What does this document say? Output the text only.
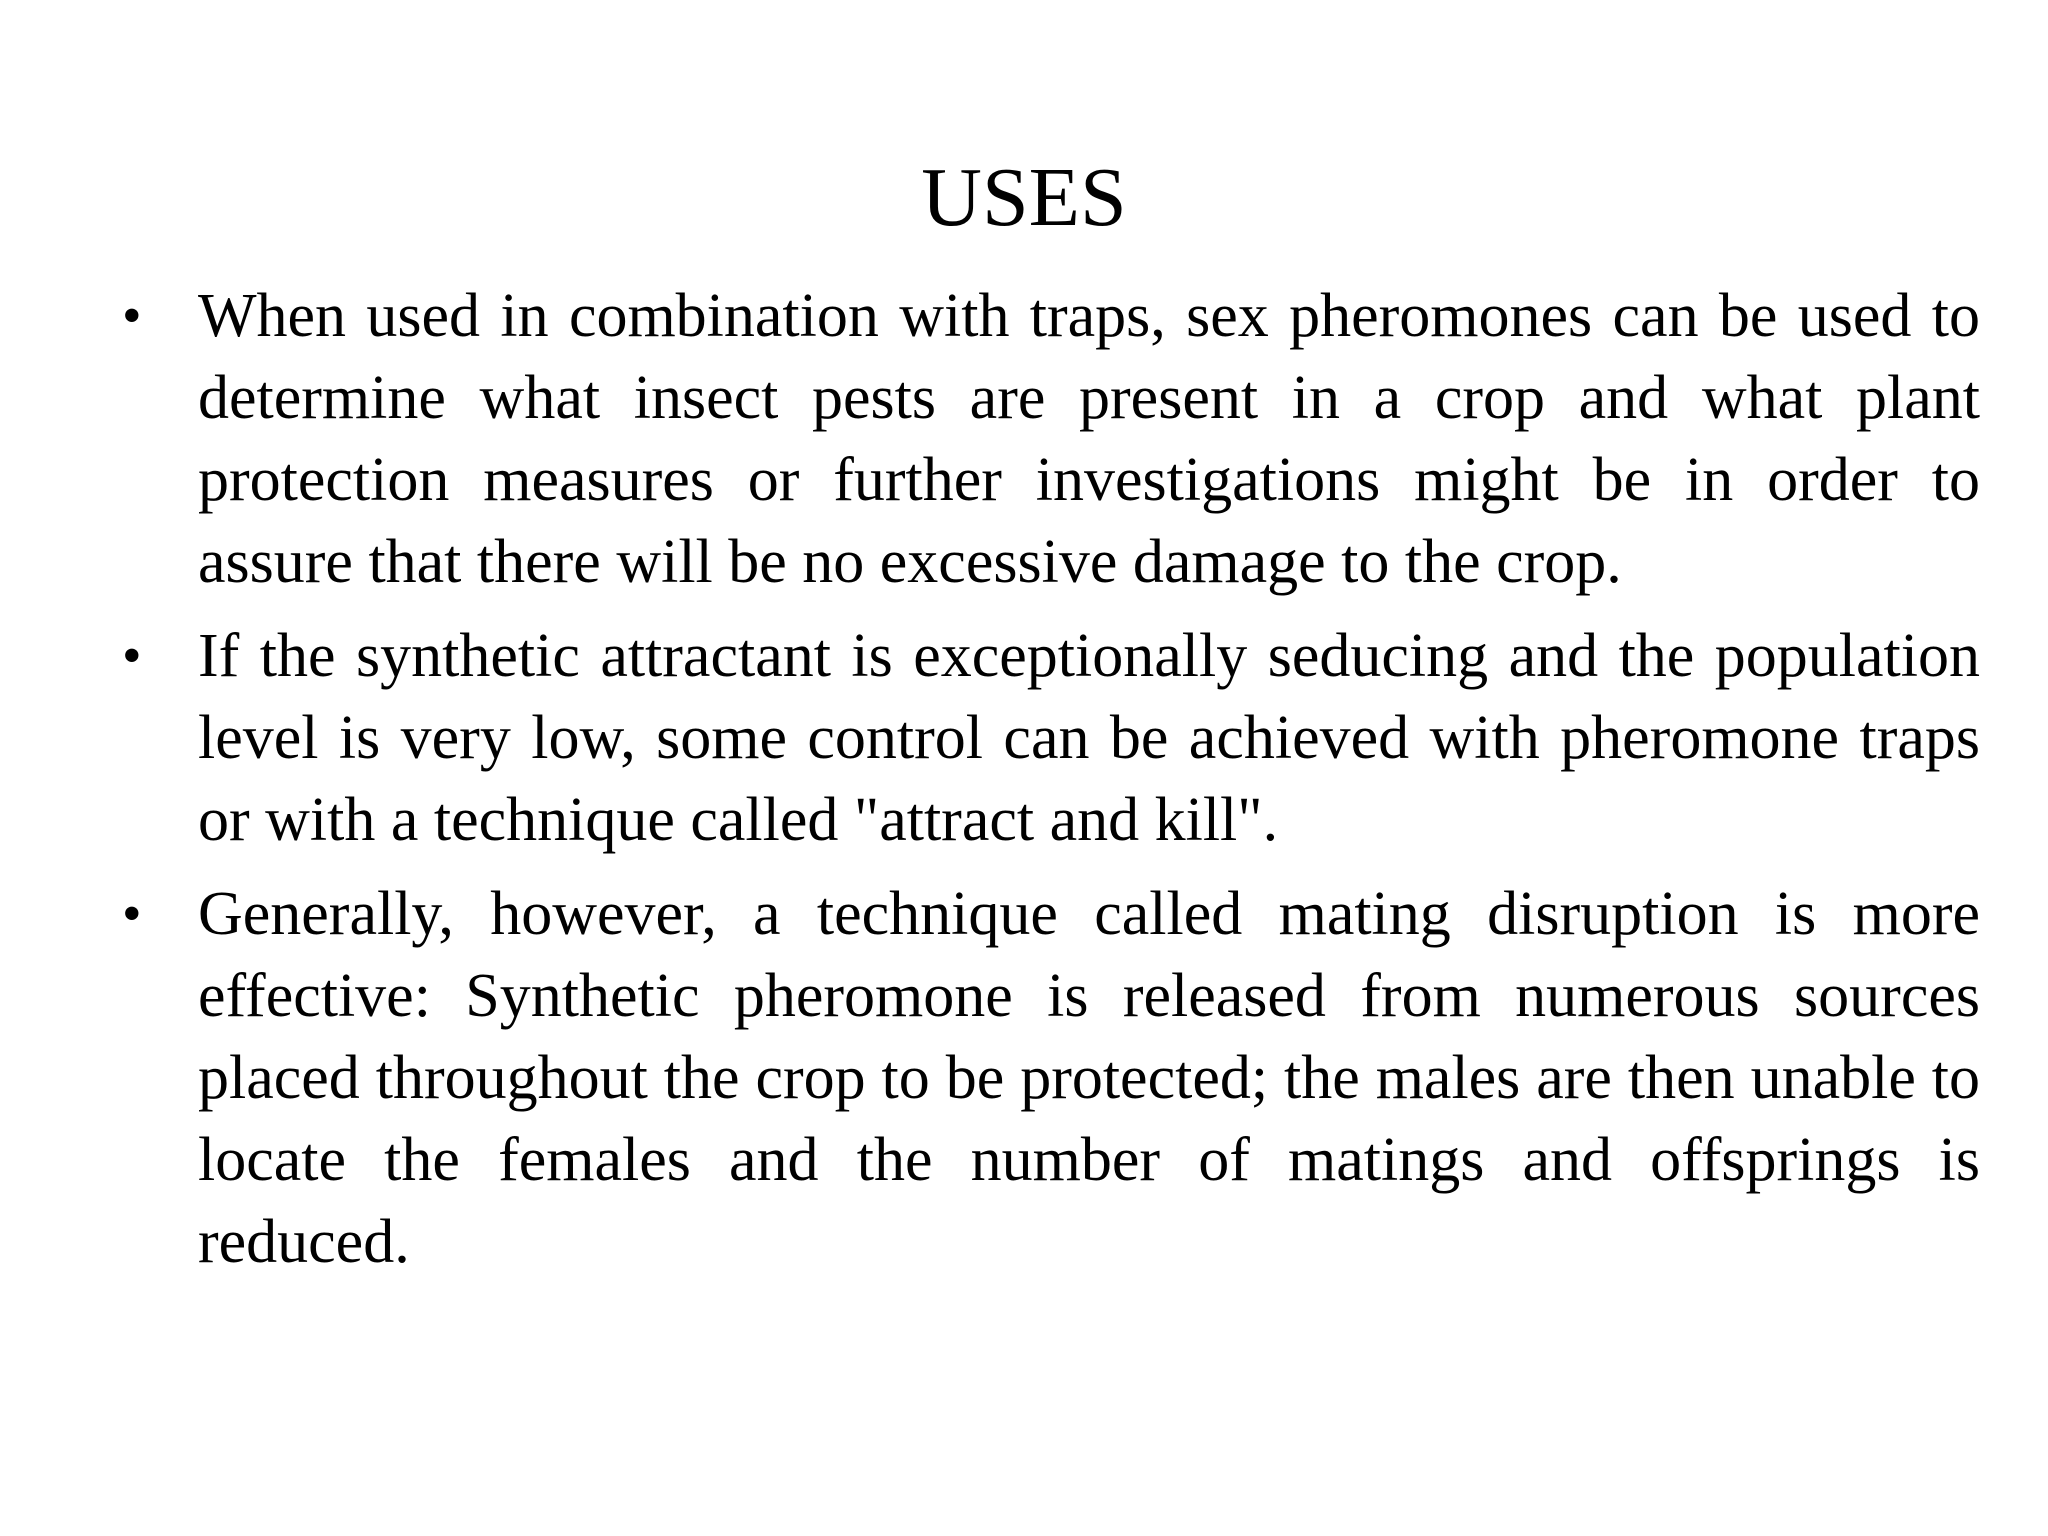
USES
• When used in combination with traps, sex pheromones can be used to determine what insect pests are present in a crop and what plant protection measures or further investigations might be in order to assure that there will be no excessive damage to the crop.
• If the synthetic attractant is exceptionally seducing and the population level is very low, some control can be achieved with pheromone traps or with a technique called "attract and kill".
• Generally, however, a technique called mating disruption is more effective: Synthetic pheromone is released from numerous sources placed throughout the crop to be protected; the males are then unable to locate the females and the number of matings and offsprings is reduced.
